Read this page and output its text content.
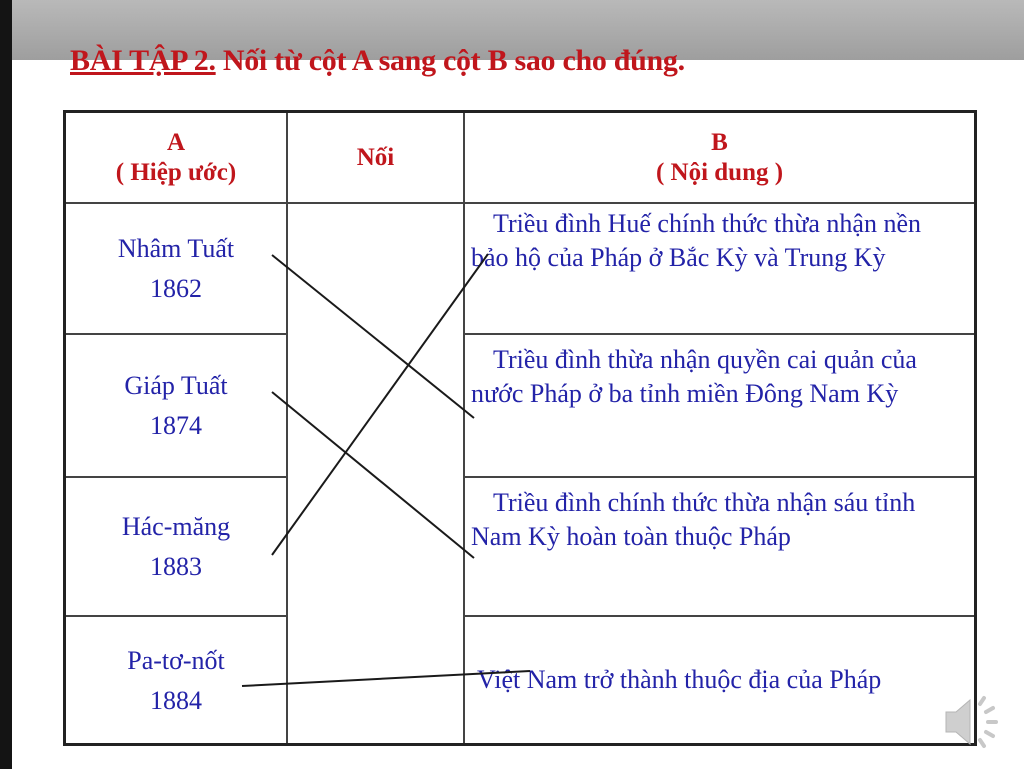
BÀI TẬP 2. Nối từ cột A sang cột B sao cho đúng.
A
( Hiệp ước)
Nối
B
( Nội dung )
Nhâm Tuất
1862
Giáp Tuất
1874
Hác-măng
1883
Pa-tơ-nốt
1884
Triều đình Huế chính thức thừa nhận nền
bảo hộ của Pháp ở Bắc Kỳ và Trung Kỳ
Triều đình thừa nhận quyền cai quản của
nước Pháp ở ba tỉnh miền Đông Nam Kỳ
Triều đình chính thức thừa nhận sáu tỉnh
Nam Kỳ hoàn toàn thuộc Pháp
Việt Nam trở thành thuộc địa của Pháp
